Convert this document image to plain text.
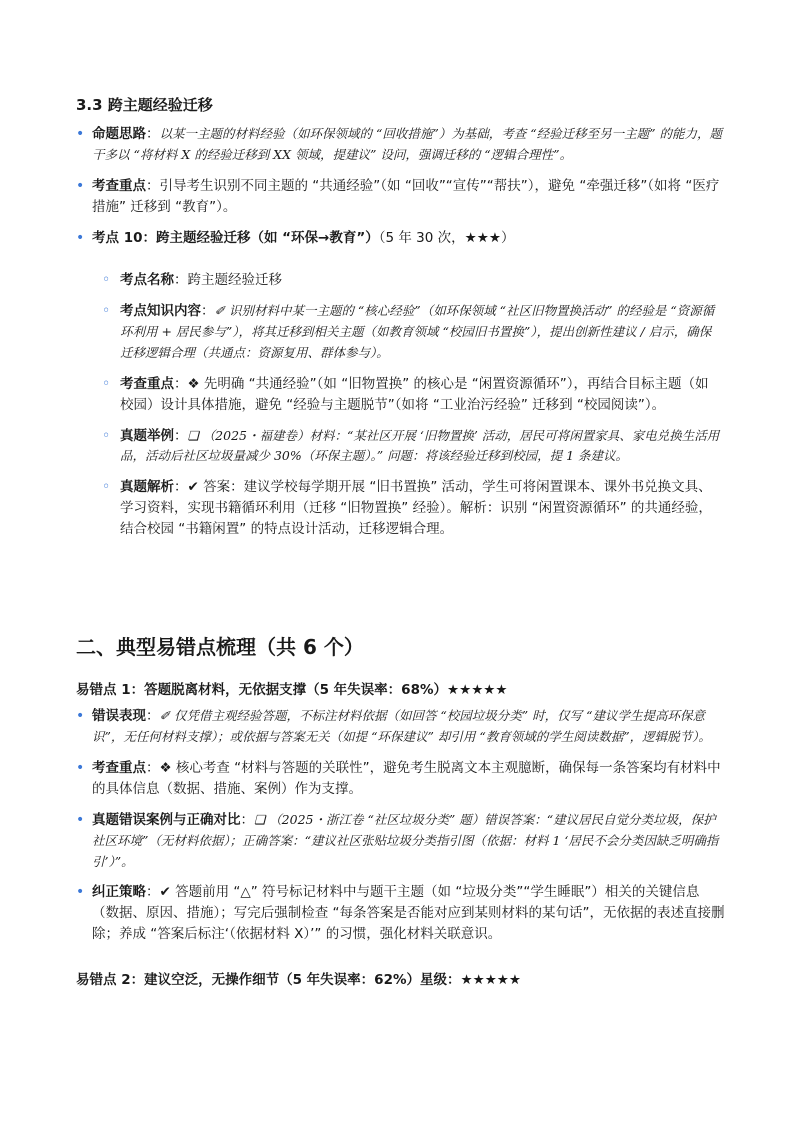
3.3 跨主题经验迁移
• 命题思路：以某一主题的材料经验（如环保领域的 “回收措施”）为基础，考查 “经验迁移至另一主题” 的能力，题干多以 “将材料 X 的经验迁移到 XX 领域，提建议” 设问，强调迁移的 “逻辑合理性”。
• 考查重点：引导考生识别不同主题的 “共通经验”（如 “回收”“宣传”“帮扶”），避免 “牵强迁移”（如将 “医疗措施” 迁移到 “教育”）。
• 考点 10：跨主题经验迁移（如 “环保→教育”）（5 年 30 次，★★★）
◦ 考点名称：跨主题经验迁移
◦ 考点知识内容：✐ 识别材料中某一主题的 “核心经验”（如环保领域 “社区旧物置换活动” 的经验是 “资源循环利用 + 居民参与”），将其迁移到相关主题（如教育领域 “校园旧书置换”），提出创新性建议 / 启示，确保迁移逻辑合理（共通点：资源复用、群体参与）。
◦ 考查重点：❖ 先明确 “共通经验”（如 “旧物置换” 的核心是 “闲置资源循环”），再结合目标主题（如校园）设计具体措施，避免 “经验与主题脱节”（如将 “工业治污经验” 迁移到 “校园阅读”）。
◦ 真题举例：❏ （2025・福建卷）材料：“某社区开展 ‘旧物置换’ 活动，居民可将闲置家具、家电兑换生活用品，活动后社区垃圾量减少 30%（环保主题）。” 问题：将该经验迁移到校园，提 1 条建议。
◦ 真题解析：✔ 答案：建议学校每学期开展 “旧书置换” 活动，学生可将闲置课本、课外书兑换文具、学习资料，实现书籍循环利用（迁移 “旧物置换” 经验）。解析：识别 “闲置资源循环” 的共通经验，结合校园 “书籍闲置” 的特点设计活动，迁移逻辑合理。
二、典型易错点梳理（共 6 个）
易错点 1：答题脱离材料，无依据支撑（5 年失误率：68%）★★★★★
• 错误表现：✐ 仅凭借主观经验答题，不标注材料依据（如回答 “校园垃圾分类” 时，仅写 “建议学生提高环保意识”，无任何材料支撑）；或依据与答案无关（如提 “环保建议” 却引用 “教育领域的学生阅读数据”，逻辑脱节）。
• 考查重点：❖ 核心考查 “材料与答题的关联性”，避免考生脱离文本主观臆断，确保每一条答案均有材料中的具体信息（数据、措施、案例）作为支撑。
• 真题错误案例与正确对比：❏ （2025・浙江卷 “社区垃圾分类” 题）错误答案：“建议居民自觉分类垃圾，保护社区环境”（无材料依据）；正确答案：“建议社区张贴垃圾分类指引图（依据：材料 1 ‘居民不会分类因缺乏明确指引’）”。
• 纠正策略：✔ 答题前用 “△” 符号标记材料中与题干主题（如 “垃圾分类”“学生睡眠”）相关的关键信息（数据、原因、措施）；写完后强制检查 “每条答案是否能对应到某则材料的某句话”，无依据的表述直接删除；养成 “答案后标注‘（依据材料 X）’” 的习惯，强化材料关联意识。
易错点 2：建议空泛，无操作细节（5 年失误率：62%）星级：★★★★★
